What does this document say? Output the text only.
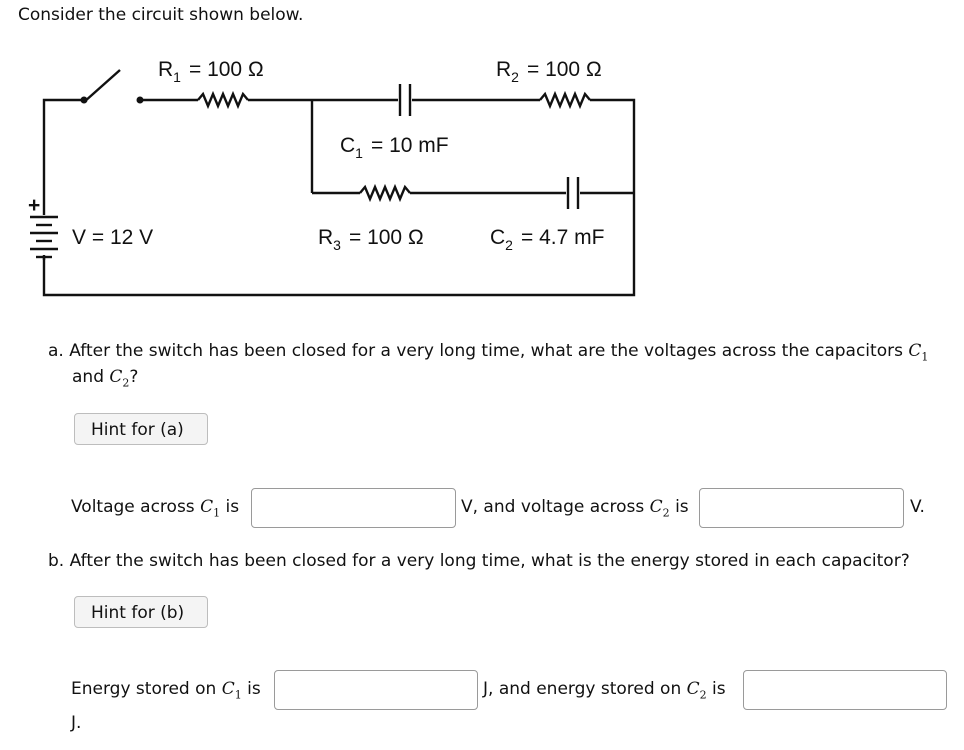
Consider the circuit shown below.
+
$R_1 = 100$ Ω	$R_2 = 100$ Ω
$C_1 = 10$ mF
$R_3 = 100$ Ω	$C_2 = 4.7$ mF
V = 12 V
a. After the switch has been closed for a very long time, what are the voltages across the capacitors $C_1$
and $C_2$?
Hint for (a)
Voltage across $C_1$ is	V, and voltage across $C_2$ is	V.
b. After the switch has been closed for a very long time, what is the energy stored in each capacitor?
Hint for (b)
Energy stored on $C_1$ is	J, and energy stored on $C_2$ is
J.
